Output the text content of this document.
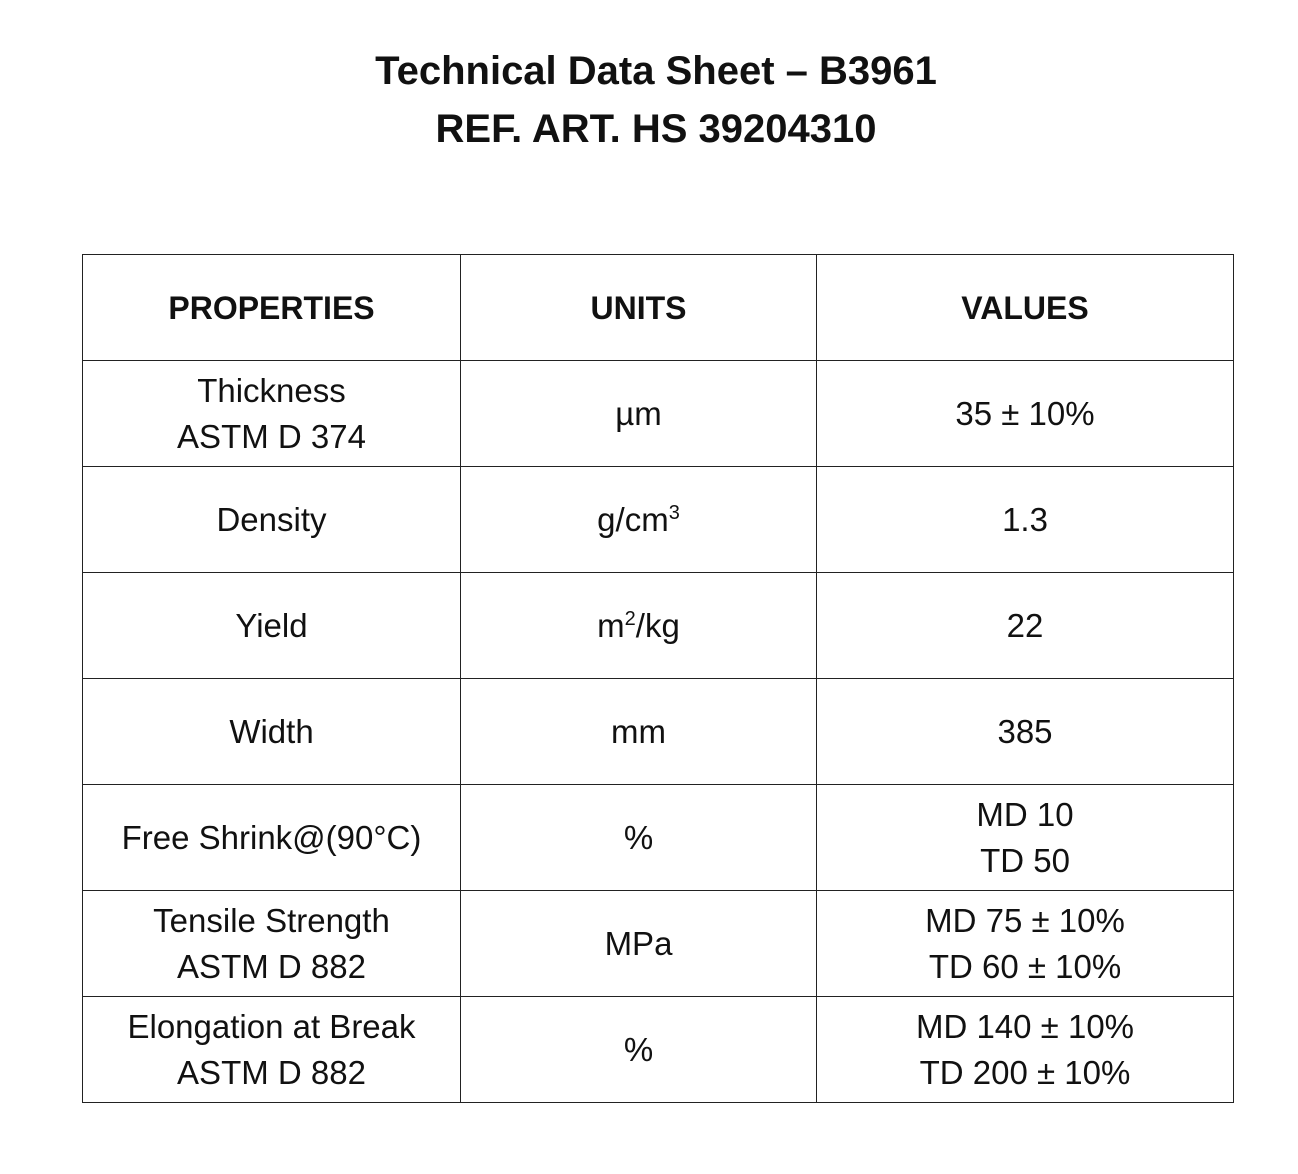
Technical Data Sheet – B3961

REF. ART. HS 39204310

PROPERTIES	UNITS	VALUES

Thickness
ASTM D 374	µm	35 ± 10%

Density	$g/cm^3$	1.3

Yield	$m^2/kg$	22

Width	mm	385

Free Shrink@(90°C)	%	MD 10
TD 50

Tensile Strength
ASTM D 882	MPa	MD 75 ± 10%
TD 60 ± 10%

Elongation at Break
ASTM D 882	%	MD 140 ± 10%
TD 200 ± 10%
